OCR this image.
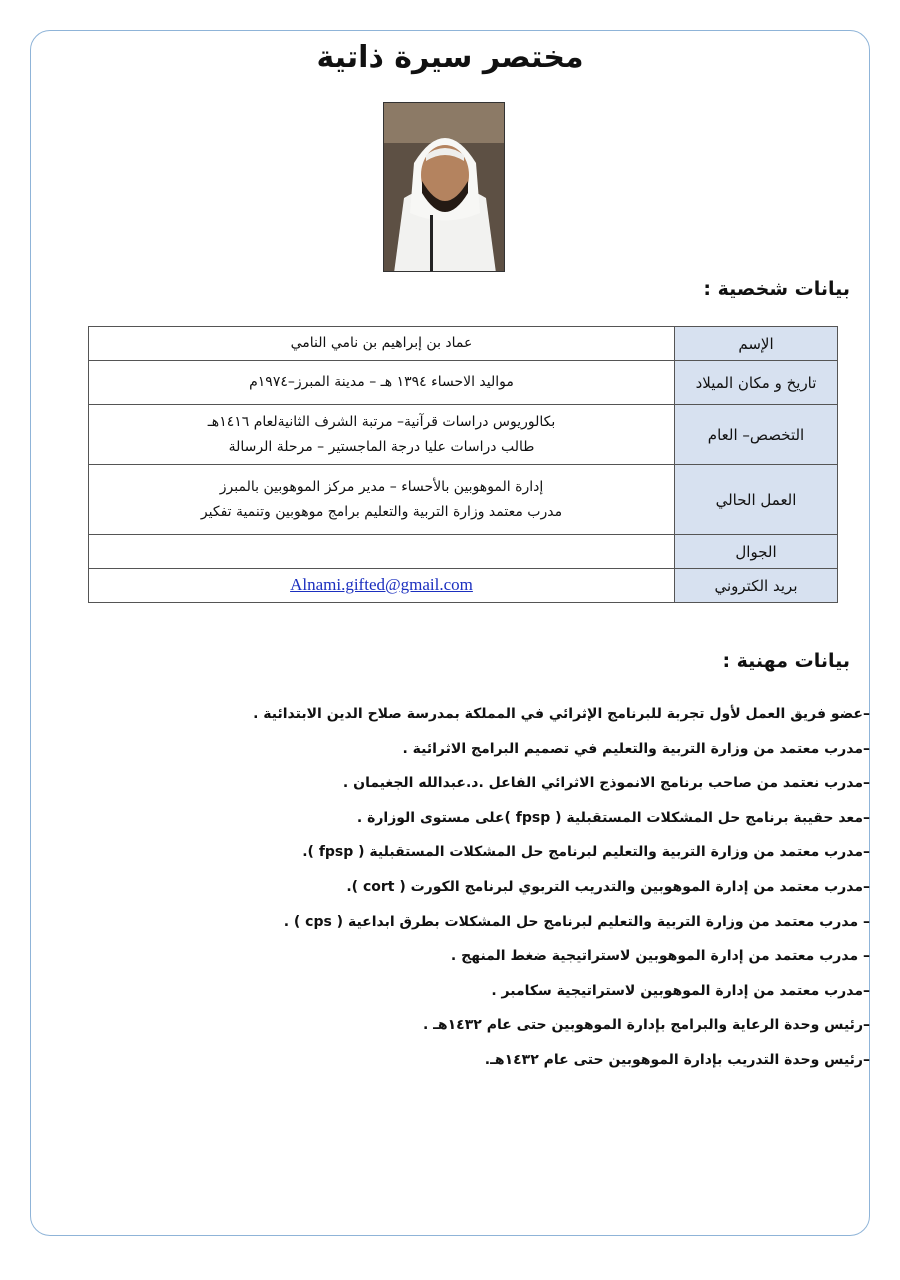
مختصر سيرة ذاتية
بيانات شخصية :
الإسم	عماد بن إبراهيم بن نامي النامي
تاريخ و مكان الميلاد	مواليد الاحساء ١٣٩٤ هـ – مدينة المبرز–١٩٧٤م
التخصص– العام	بكالوريوس دراسات قرآنية– مرتبة الشرف الثانيةلعام ١٤١٦هـ
طالب دراسات عليا درجة الماجستير – مرحلة الرسالة

العمل الحالي	إدارة الموهوبين بالأحساء – مدير مركز الموهوبين بالمبرز
مدرب معتمد وزارة التربية والتعليم برامج موهوبين وتنمية تفكير

الجوال	
بريد الكتروني	Alnami.gifted@gmail.com
بيانات مهنية :
–عضو فريق العمل لأول تجربة للبرنامج الإثرائي في المملكة بمدرسة صلاح الدين الابتدائية .
–مدرب معتمد من وزارة التربية والتعليم في تصميم البرامج الاثرائية .
–مدرب نعتمد من صاحب برنامج الانموذج الاثرائي الفاعل .د.عبدالله الجغيمان .
–معد حقيبة برنامج حل المشكلات المستقبلية ( fpsp )على مستوى الوزارة .
–مدرب معتمد من وزارة التربية والتعليم لبرنامج حل المشكلات المستقبلية ( fpsp ).
–مدرب معتمد من إدارة الموهوبين والتدريب التربوي لبرنامج الكورت ( cort ).
– مدرب معتمد من وزارة التربية والتعليم لبرنامج حل المشكلات بطرق ابداعية ( cps ) .
– مدرب معتمد من إدارة الموهوبين لاستراتيجية ضغط المنهج .
–مدرب معتمد من إدارة الموهوبين لاستراتيجية سكامبر .
–رئيس وحدة الرعاية والبرامج بإدارة الموهوبين حتى عام ١٤٣٢هـ .
–رئيس وحدة التدريب بإدارة الموهوبين حتى عام ١٤٣٢هـ.
